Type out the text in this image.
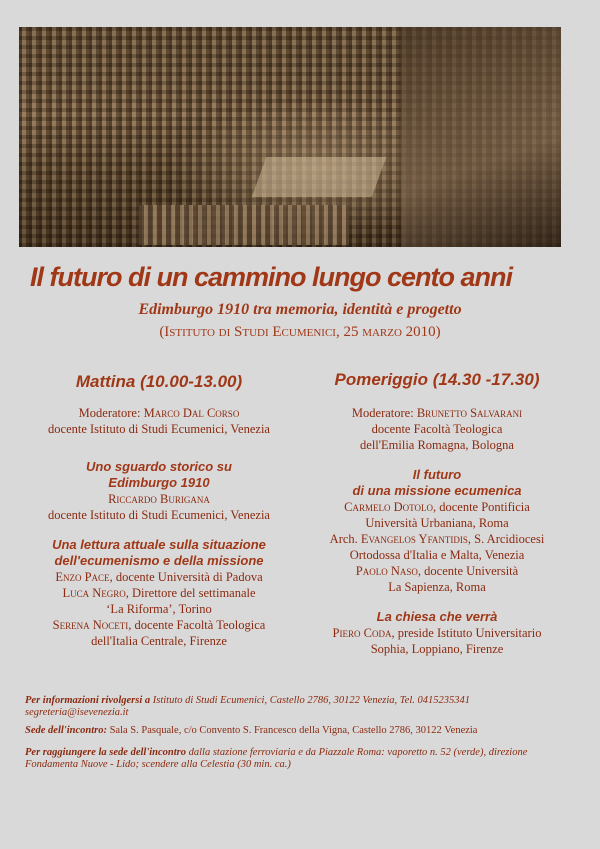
Il futuro di un cammino lungo cento anni
Edimburgo 1910 tra memoria, identità e progetto
(Istituto di Studi Ecumenici, 25 marzo 2010)
Mattina (10.00-13.00)
Moderatore: Marco Dal Corso
docente Istituto di Studi Ecumenici, Venezia
Uno sguardo storico su
Edimburgo 1910
Riccardo Burigana
docente Istituto di Studi Ecumenici, Venezia
Una lettura attuale sulla situazione
dell'ecumenismo e della missione
Enzo Pace, docente Università di Padova
Luca Negro, Direttore del settimanale
‘La Riforma’, Torino
Serena Noceti, docente Facoltà Teologica
dell'Italia Centrale, Firenze
Pomeriggio (14.30 -17.30)
Moderatore: Brunetto Salvarani
docente Facoltà Teologica
dell'Emilia Romagna, Bologna
Il futuro
di una missione ecumenica
Carmelo Dotolo, docente Pontificia
Università Urbaniana, Roma
Arch. Evangelos Yfantidis, S. Arcidiocesi
Ortodossa d'Italia e Malta, Venezia
Paolo Naso, docente Università
La Sapienza, Roma
La chiesa che verrà
Piero Coda, preside Istituto Universitario
Sophia, Loppiano, Firenze
Per informazioni rivolgersi a Istituto di Studi Ecumenici, Castello 2786, 30122 Venezia, Tel. 0415235341
segreteria@isevenezia.it
Sede dell'incontro: Sala S. Pasquale, c/o Convento S. Francesco della Vigna, Castello 2786, 30122 Venezia
Per raggiungere la sede dell'incontro dalla stazione ferroviaria e da Piazzale Roma: vaporetto n. 52 (verde), direzione Fondamenta Nuove - Lido; scendere alla Celestia (30 min. ca.)
